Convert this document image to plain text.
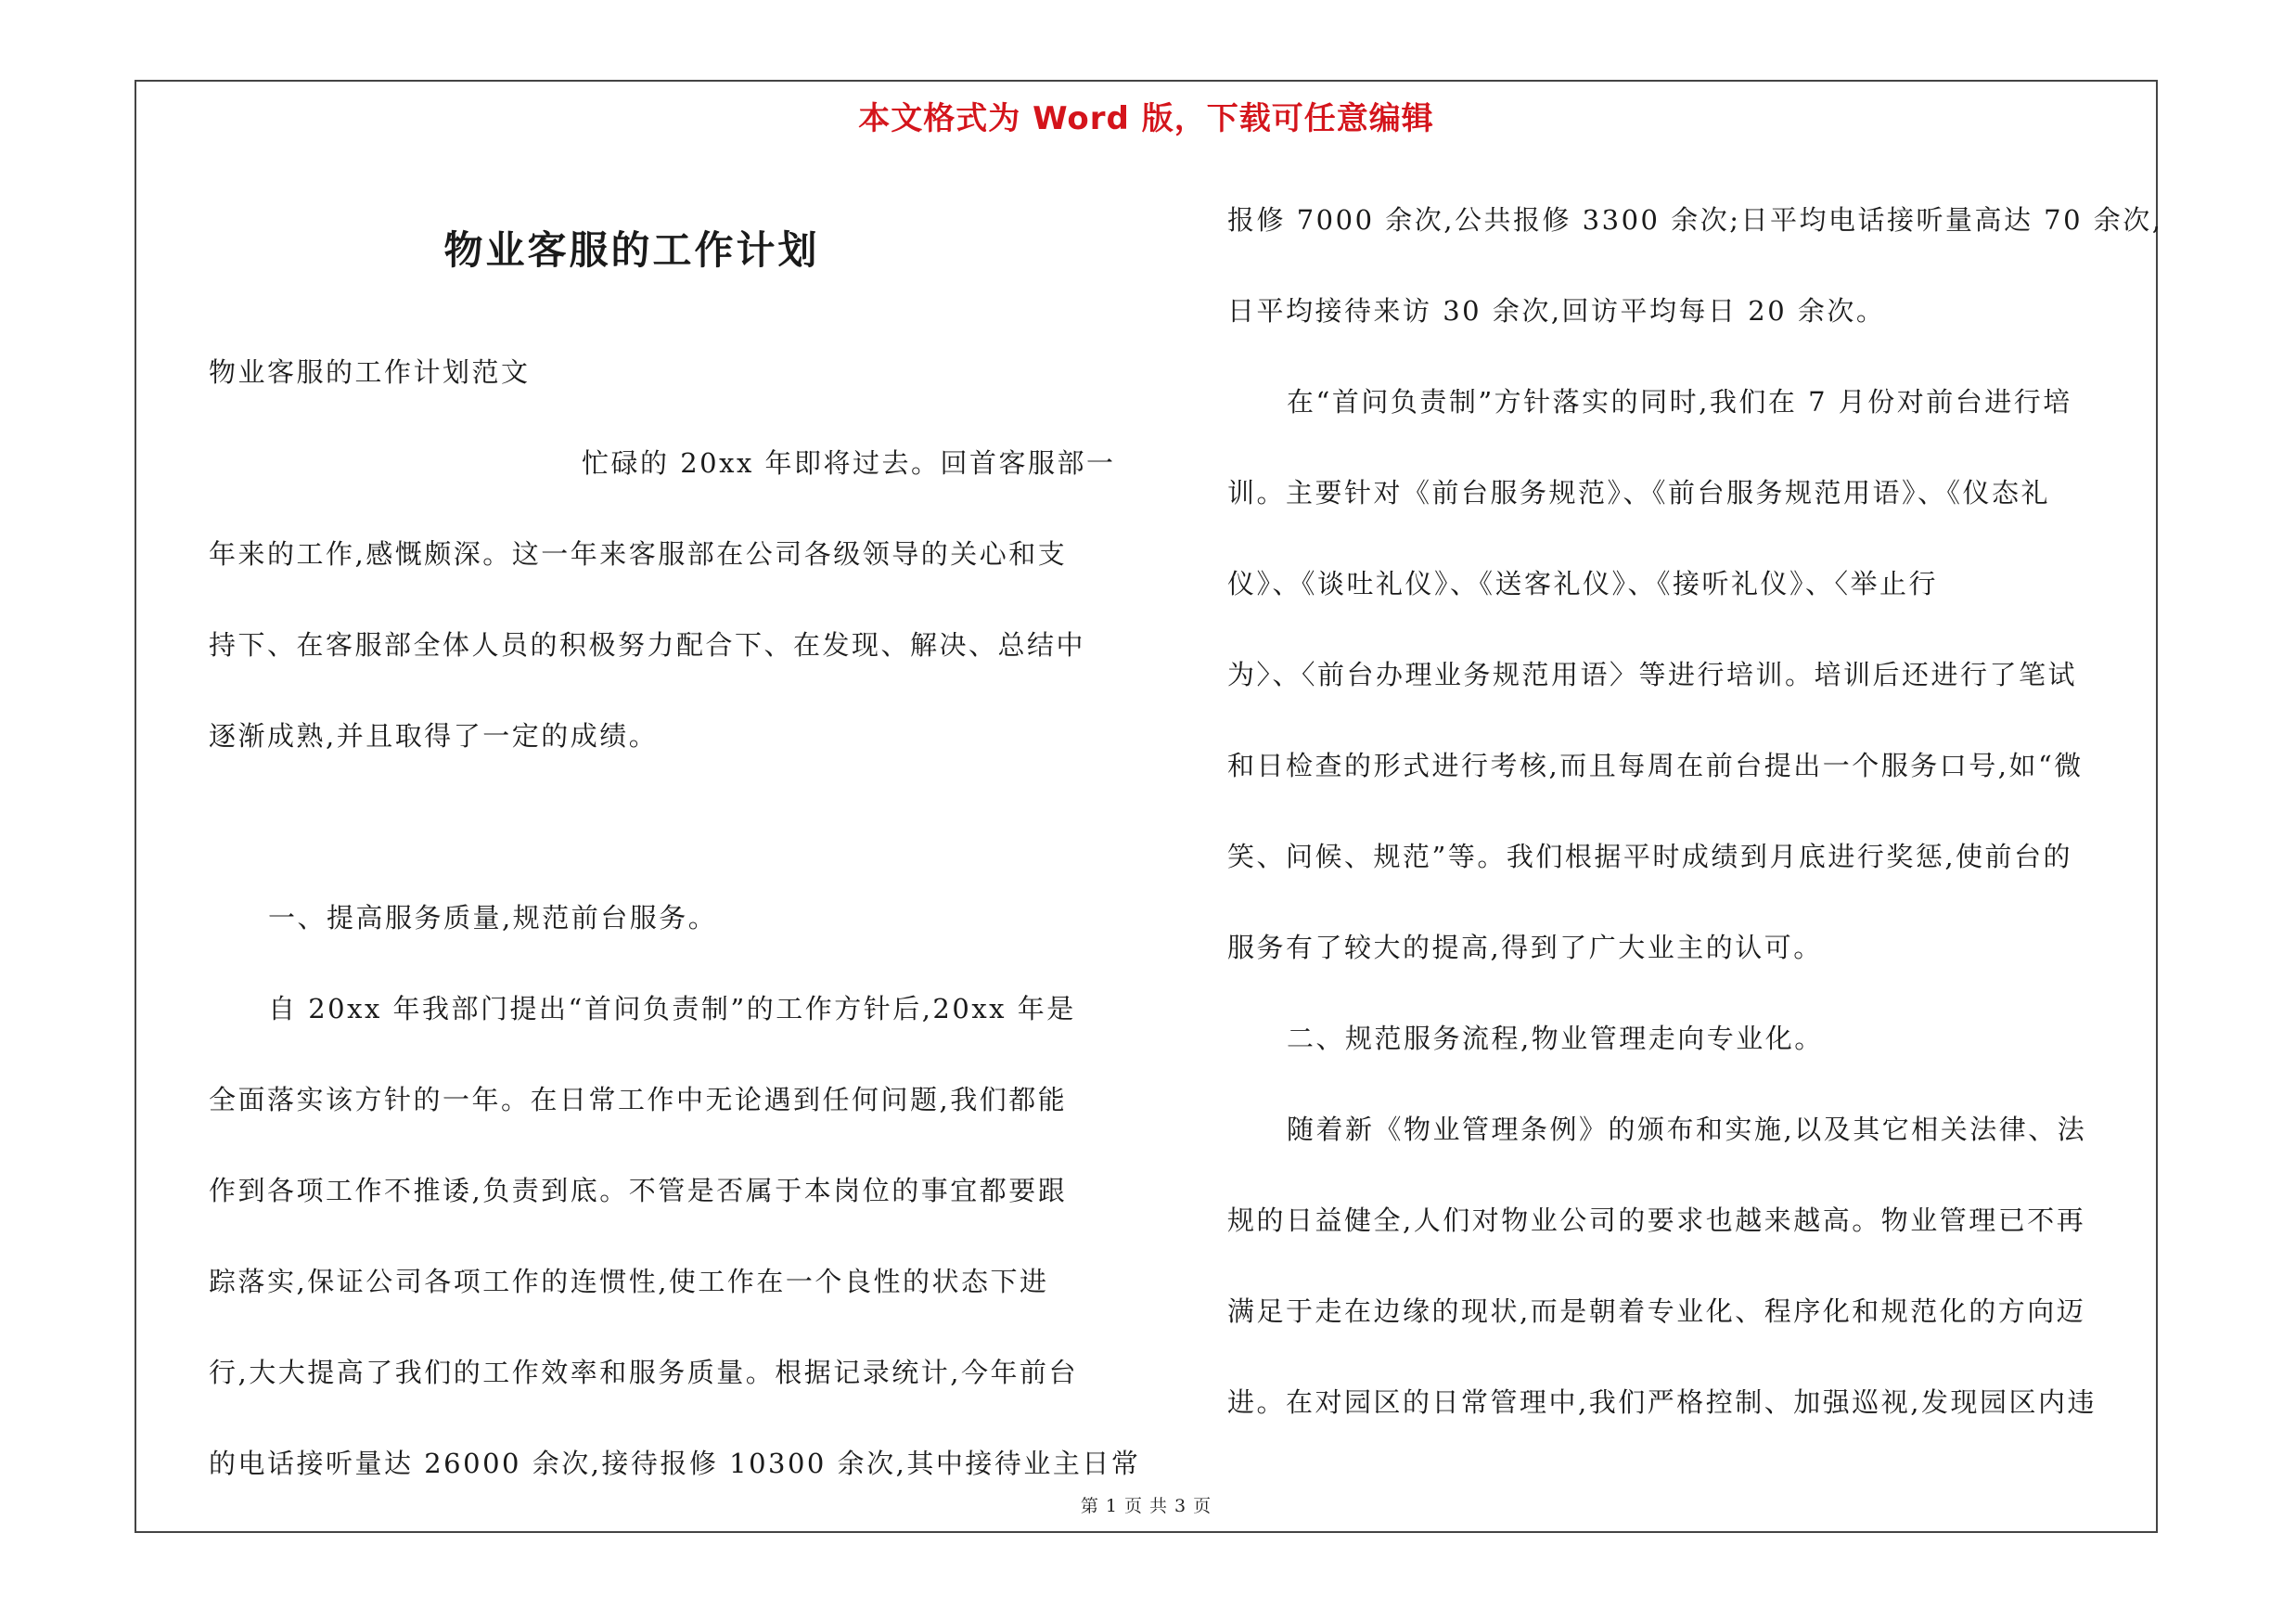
本文格式为 Word 版，下载可任意编辑
物业客服的工作计划
物业客服的工作计划范文
忙碌的 20xx 年即将过去。回首客服部一
年来的工作,感慨颇深。这一年来客服部在公司各级领导的关心和支
持下、在客服部全体人员的积极努力配合下、在发现、解决、总结中
逐渐成熟,并且取得了一定的成绩。
一、提高服务质量,规范前台服务。
自 20xx 年我部门提出“首问负责制”的工作方针后,20xx 年是
全面落实该方针的一年。在日常工作中无论遇到任何问题,我们都能
作到各项工作不推诿,负责到底。不管是否属于本岗位的事宜都要跟
踪落实,保证公司各项工作的连惯性,使工作在一个良性的状态下进
行,大大提高了我们的工作效率和服务质量。根据记录统计,今年前台
的电话接听量达 26000 余次,接待报修 10300 余次,其中接待业主日常
报修 7000 余次,公共报修 3300 余次;日平均电话接听量高达 70 余次,
日平均接待来访 30 余次,回访平均每日 20 余次。
在“首问负责制”方针落实的同时,我们在 7 月份对前台进行培
训。主要针对《前台服务规范》、《前台服务规范用语》、《仪态礼
仪》、《谈吐礼仪》、《送客礼仪》、《接听礼仪》、〈举止行
为〉、〈前台办理业务规范用语〉等进行培训。培训后还进行了笔试
和日检查的形式进行考核,而且每周在前台提出一个服务口号,如“微
笑、问候、规范”等。我们根据平时成绩到月底进行奖惩,使前台的
服务有了较大的提高,得到了广大业主的认可。
二、规范服务流程,物业管理走向专业化。
随着新《物业管理条例》的颁布和实施,以及其它相关法律、法
规的日益健全,人们对物业公司的要求也越来越高。物业管理已不再
满足于走在边缘的现状,而是朝着专业化、程序化和规范化的方向迈
进。在对园区的日常管理中,我们严格控制、加强巡视,发现园区内违
第 1 页 共 3 页
